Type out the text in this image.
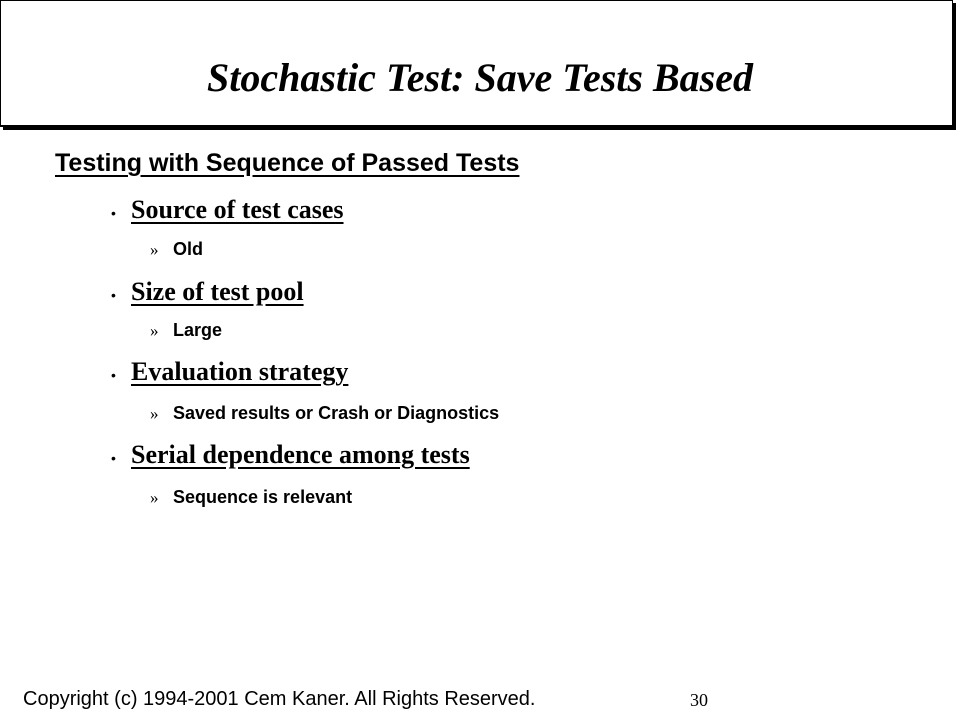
Stochastic Test: Save Tests Based
Testing with Sequence of Passed Tests
• Source of test cases
» Old
• Size of test pool
» Large
• Evaluation strategy
» Saved results or Crash or Diagnostics
• Serial dependence among tests
» Sequence is relevant
Copyright (c) 1994-2001 Cem Kaner. All Rights Reserved.	30
